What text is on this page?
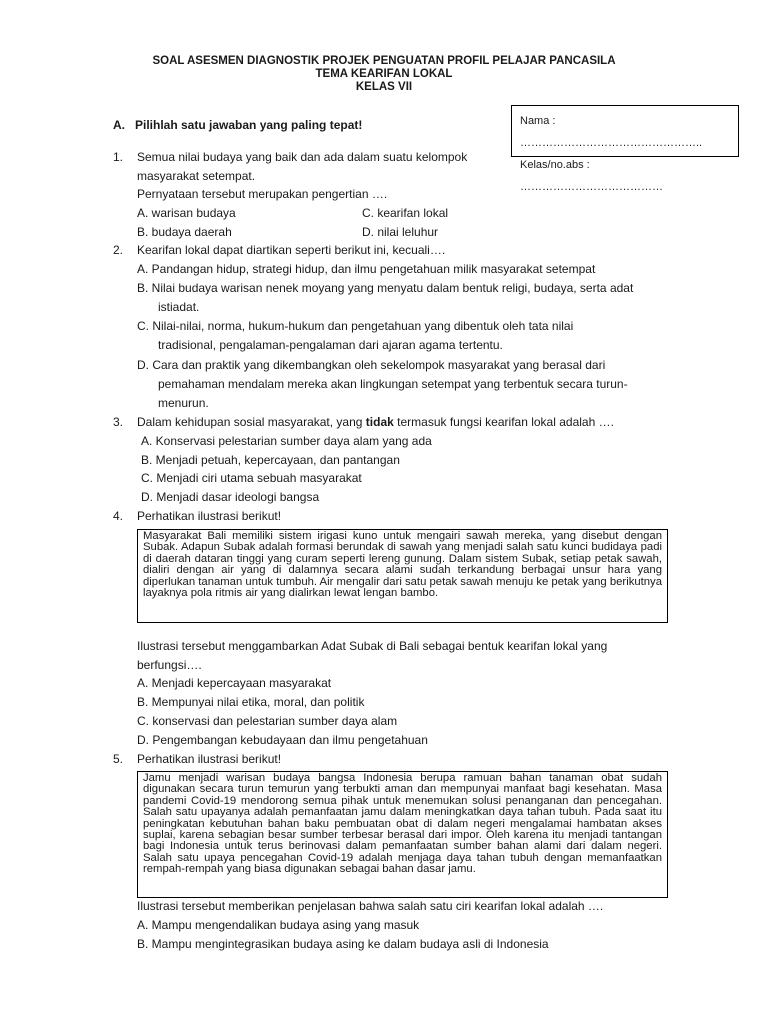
SOAL ASESMEN DIAGNOSTIK PROJEK PENGUATAN PROFIL PELAJAR PANCASILA
TEMA KEARIFAN LOKAL
KELAS VII
Nama : …………………………………………..
Kelas/no.abs : …………………………………
A. Pilihlah satu jawaban yang paling tepat!
1. Semua nilai budaya yang baik dan ada dalam suatu kelompok
masyarakat setempat.
Pernyataan tersebut merupakan pengertian ….
A. warisan budaya	C. kearifan lokal
B. budaya daerah	D. nilai leluhur
2. Kearifan lokal dapat diartikan seperti berikut ini, kecuali….
A. Pandangan hidup, strategi hidup, dan ilmu pengetahuan milik masyarakat setempat
B. Nilai budaya warisan nenek moyang yang menyatu dalam bentuk religi, budaya, serta adat
istiadat.
C. Nilai-nilai, norma, hukum-hukum dan pengetahuan yang dibentuk oleh tata nilai
tradisional, pengalaman-pengalaman dari ajaran agama tertentu.
D. Cara dan praktik yang dikembangkan oleh sekelompok masyarakat yang berasal dari
pemahaman mendalam mereka akan lingkungan setempat yang terbentuk secara turun-
menurun.
3. Dalam kehidupan sosial masyarakat, yang tidak termasuk fungsi kearifan lokal adalah ….
A. Konservasi pelestarian sumber daya alam yang ada
B. Menjadi petuah, kepercayaan, dan pantangan
C. Menjadi ciri utama sebuah masyarakat
D. Menjadi dasar ideologi bangsa
4. Perhatikan ilustrasi berikut!
Masyarakat Bali memiliki sistem irigasi kuno untuk mengairi sawah mereka, yang disebut dengan Subak. Adapun Subak adalah formasi berundak di sawah yang menjadi salah satu kunci budidaya padi di daerah dataran tinggi yang curam seperti lereng gunung. Dalam sistem Subak, setiap petak sawah, dialiri dengan air yang di dalamnya secara alami sudah terkandung berbagai unsur hara yang diperlukan tanaman untuk tumbuh. Air mengalir dari satu petak sawah menuju ke petak yang berikutnya layaknya pola ritmis air yang dialirkan lewat lengan bambo.
Ilustrasi tersebut menggambarkan Adat Subak di Bali sebagai bentuk kearifan lokal yang
berfungsi….
A. Menjadi kepercayaan masyarakat
B. Mempunyai nilai etika, moral, dan politik
C. konservasi dan pelestarian sumber daya alam
D. Pengembangan kebudayaan dan ilmu pengetahuan
5. Perhatikan ilustrasi berikut!
Jamu menjadi warisan budaya bangsa Indonesia berupa ramuan bahan tanaman obat sudah digunakan secara turun temurun yang terbukti aman dan mempunyai manfaat bagi kesehatan. Masa pandemi Covid-19 mendorong semua pihak untuk menemukan solusi penanganan dan pencegahan. Salah satu upayanya adalah pemanfaatan jamu dalam meningkatkan daya tahan tubuh. Pada saat itu peningkatan kebutuhan bahan baku pembuatan obat di dalam negeri mengalamai hambatan akses suplai, karena sebagian besar sumber terbesar berasal dari impor. Oleh karena itu menjadi tantangan bagi Indonesia untuk terus berinovasi dalam pemanfaatan sumber bahan alami dari dalam negeri. Salah satu upaya pencegahan Covid-19 adalah menjaga daya tahan tubuh dengan memanfaatkan rempah-rempah yang biasa digunakan sebagai bahan dasar jamu.
Ilustrasi tersebut memberikan penjelasan bahwa salah satu ciri kearifan lokal adalah ….
A. Mampu mengendalikan budaya asing yang masuk
B. Mampu mengintegrasikan budaya asing ke dalam budaya asli di Indonesia
